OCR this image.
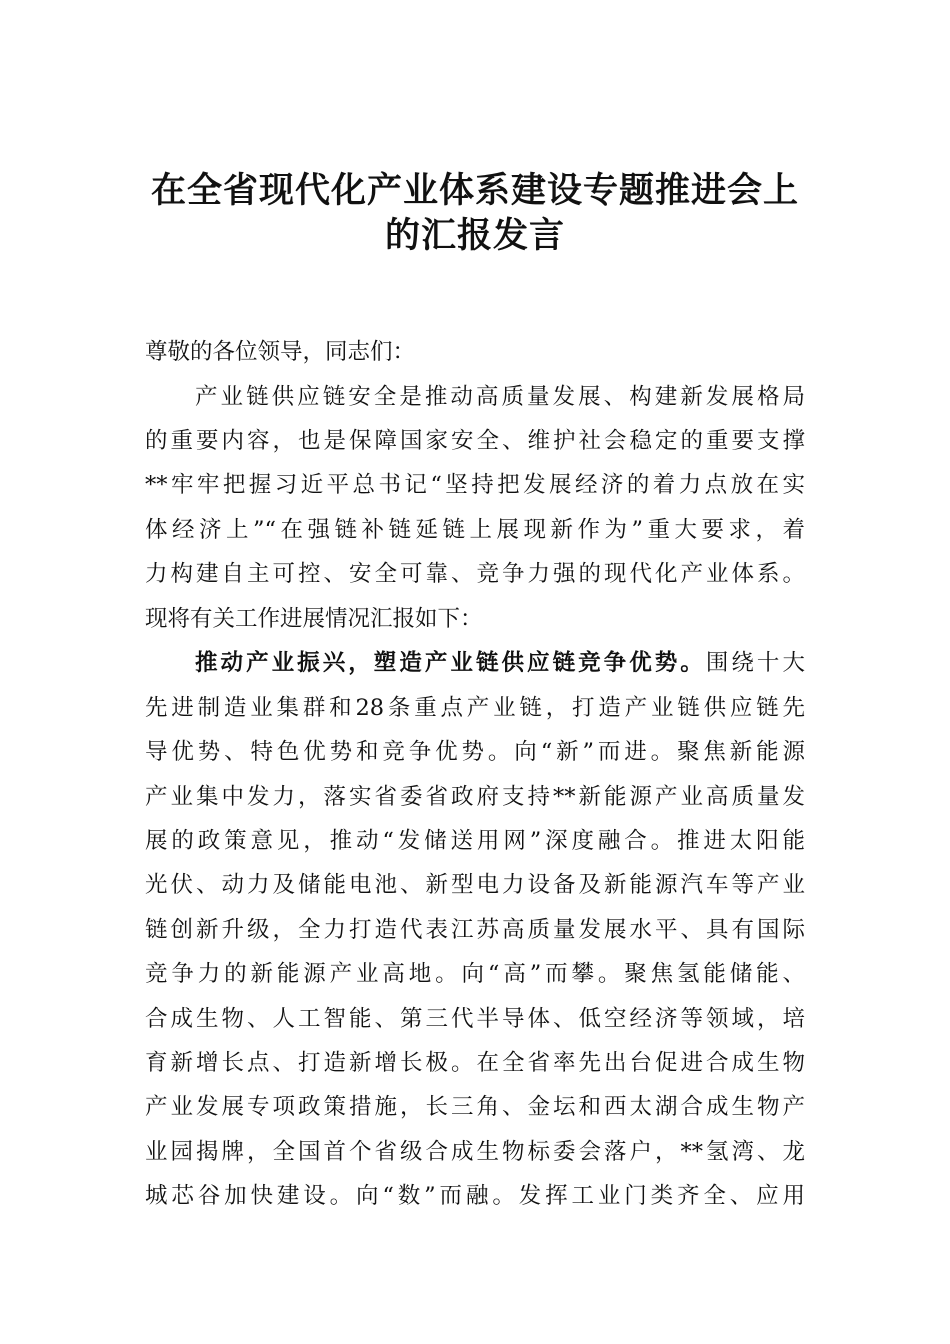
在全省现代化产业体系建设专题推进会上
的汇报发言
尊敬的各位领导，同志们：
产业链供应链安全是推动高质量发展、构建新发展格局
的重要内容，也是保障国家安全、维护社会稳定的重要支撑
**牢牢把握习近平总书记“坚持把发展经济的着力点放在实
体经济上”“在强链补链延链上展现新作为”重大要求，着
力构建自主可控、安全可靠、竞争力强的现代化产业体系。
现将有关工作进展情况汇报如下：
推动产业振兴，塑造产业链供应链竞争优势。围绕十大
先进制造业集群和28条重点产业链，打造产业链供应链先
导优势、特色优势和竞争优势。向“新”而进。聚焦新能源
产业集中发力，落实省委省政府支持**新能源产业高质量发
展的政策意见，推动“发储送用网”深度融合。推进太阳能
光伏、动力及储能电池、新型电力设备及新能源汽车等产业
链创新升级，全力打造代表江苏高质量发展水平、具有国际
竞争力的新能源产业高地。向“高”而攀。聚焦氢能储能、
合成生物、人工智能、第三代半导体、低空经济等领域，培
育新增长点、打造新增长极。在全省率先出台促进合成生物
产业发展专项政策措施，长三角、金坛和西太湖合成生物产
业园揭牌，全国首个省级合成生物标委会落户，**氢湾、龙
城芯谷加快建设。向“数”而融。发挥工业门类齐全、应用
